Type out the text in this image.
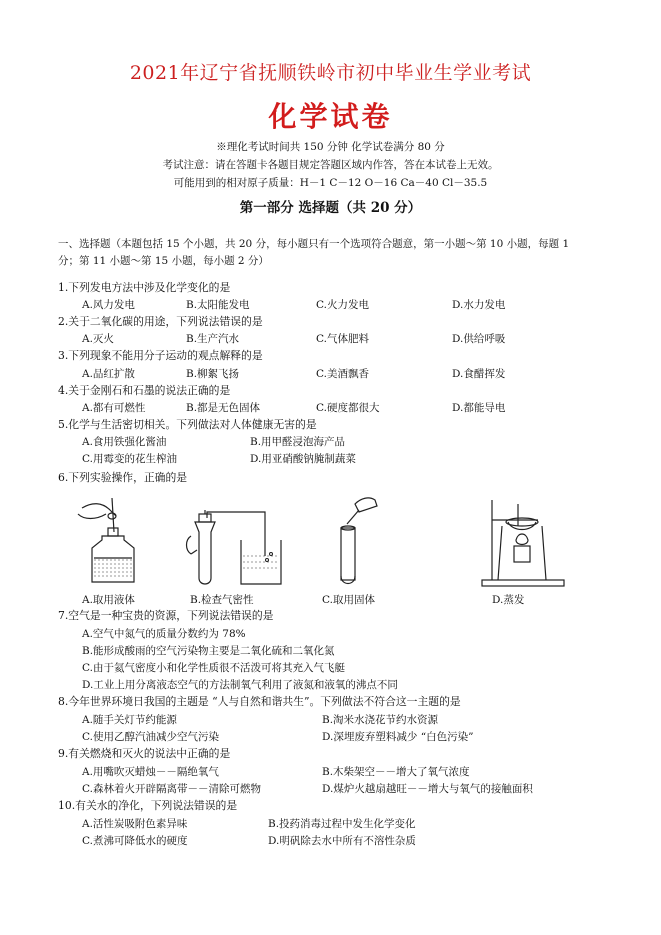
2021年辽宁省抚顺铁岭市初中毕业生学业考试
化学试卷
※理化考试时间共 150 分钟 化学试卷满分 80 分
考试注意：请在答题卡各题目规定答题区域内作答，答在本试卷上无效。
可能用到的相对原子质量：H－1 C－12 O－16 Ca－40 Cl－35.5
第一部分 选择题（共 20 分）
一、选择题（本题包括 15 个小题，共 20 分，每小题只有一个选项符合题意，第一小题～第 10 小题，每题 1
分；第 11 小题～第 15 小题，每小题 2 分）
1.下列发电方法中涉及化学变化的是
A.风力发电	B.太阳能发电	C.火力发电	D.水力发电
2.关于二氧化碳的用途，下列说法错误的是
A.灭火	B.生产汽水	C.气体肥料	D.供给呼吸
3.下列现象不能用分子运动的观点解释的是
A.品红扩散	B.柳絮飞扬	C.美酒飘香	D.食醋挥发
4.关于金刚石和石墨的说法正确的是
A.都有可燃性	B.都是无色固体	C.硬度都很大	D.都能导电
5.化学与生活密切相关。下列做法对人体健康无害的是
A.食用铁强化酱油	B.用甲醛浸泡海产品
C.用霉变的花生榨油	D.用亚硝酸钠腌制蔬菜
6.下列实验操作，正确的是
A.取用液体	B.检查气密性	C.取用固体	D.蒸发
7.空气是一种宝贵的资源，下列说法错误的是
A.空气中氮气的质量分数约为 78%
B.能形成酸雨的空气污染物主要是二氧化硫和二氧化氮
C.由于氦气密度小和化学性质很不活泼可将其充入气飞艇
D.工业上用分离液态空气的方法制氧气利用了液氮和液氧的沸点不同
8.今年世界环境日我国的主题是 “人与自然和谐共生”。下列做法不符合这一主题的是
A.随手关灯节约能源	B.淘米水浇花节约水资源
C.使用乙醇汽油减少空气污染	D.深埋废弃塑料减少 “白色污染”
9.有关燃烧和灭火的说法中正确的是
A.用嘴吹灭蜡烛－－隔绝氧气	B.木柴架空－－增大了氧气浓度
C.森林着火开辟隔离带－－清除可燃物	D.煤炉火越扇越旺－－增大与氧气的接触面积
10.有关水的净化，下列说法错误的是
A.活性炭吸附色素异味	B.投药消毒过程中发生化学变化
C.煮沸可降低水的硬度	D.明矾除去水中所有不溶性杂质
